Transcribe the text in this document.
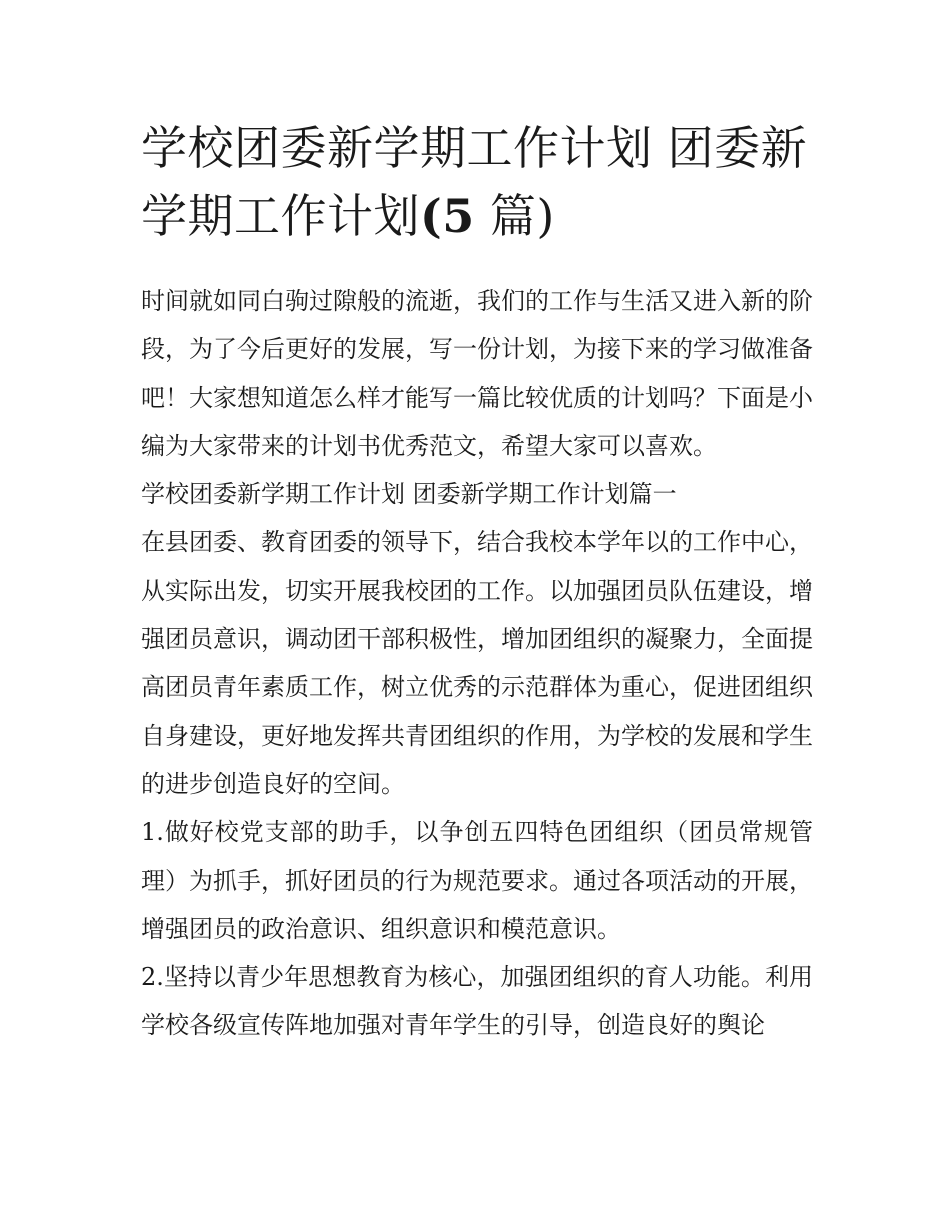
学校团委新学期工作计划 团委新学期工作计划(5 篇)

时间就如同白驹过隙般的流逝，我们的工作与生活又进入新的阶段，为了今后更好的发展，写一份计划，为接下来的学习做准备吧！大家想知道怎么样才能写一篇比较优质的计划吗？下面是小编为大家带来的计划书优秀范文，希望大家可以喜欢。

学校团委新学期工作计划 团委新学期工作计划篇一

在县团委、教育团委的领导下，结合我校本学年以的工作中心，从实际出发，切实开展我校团的工作。以加强团员队伍建设，增强团员意识，调动团干部积极性，增加团组织的凝聚力，全面提高团员青年素质工作，树立优秀的示范群体为重心，促进团组织自身建设，更好地发挥共青团组织的作用，为学校的发展和学生的进步创造良好的空间。

1.做好校党支部的助手，以争创五四特色团组织（团员常规管理）为抓手，抓好团员的行为规范要求。通过各项活动的开展，增强团员的政治意识、组织意识和模范意识。

2.坚持以青少年思想教育为核心，加强团组织的育人功能。利用学校各级宣传阵地加强对青年学生的引导，创造良好的舆论
